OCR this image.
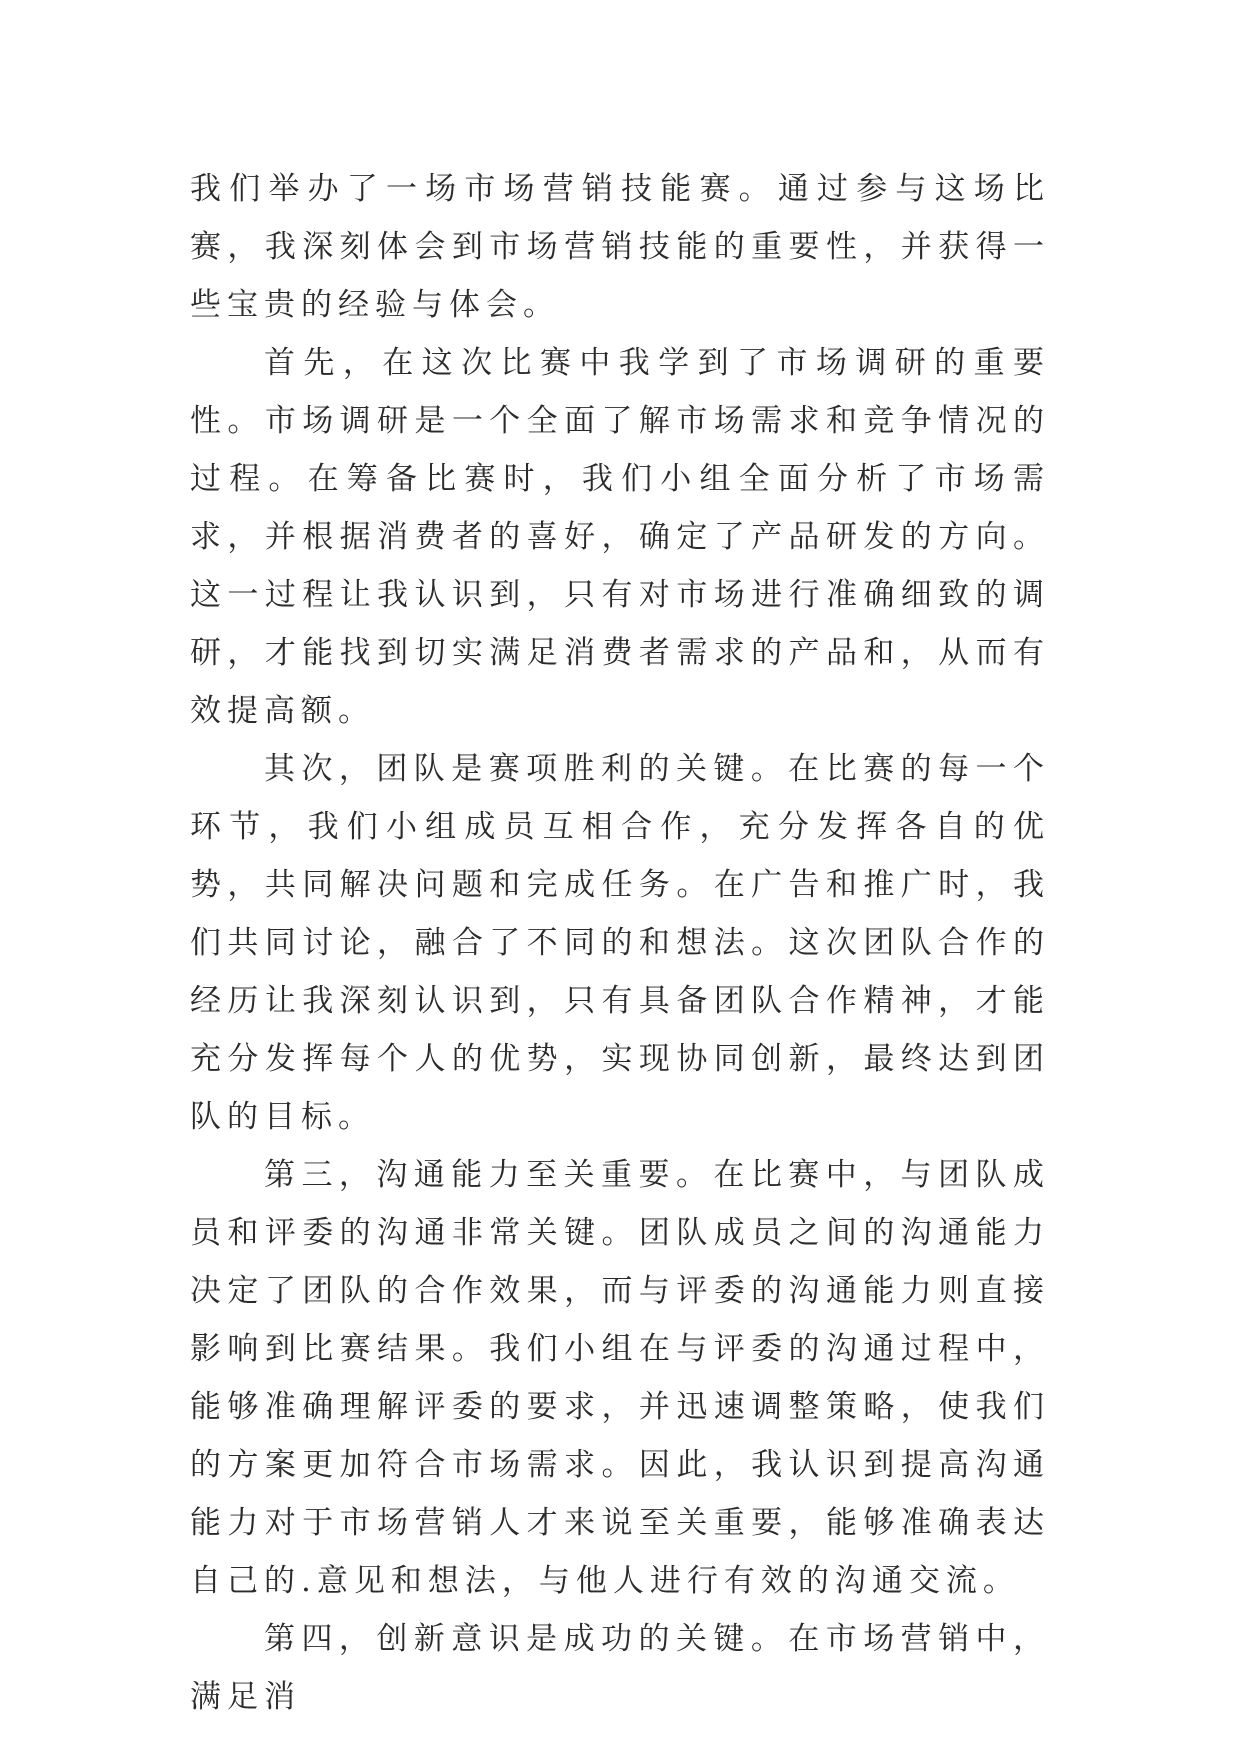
我们举办了一场市场营销技能赛。通过参与这场比赛，我深刻体会到市场营销技能的重要性，并获得一些宝贵的经验与体会。

首先，在这次比赛中我学到了市场调研的重要性。市场调研是一个全面了解市场需求和竞争情况的过程。在筹备比赛时，我们小组全面分析了市场需求，并根据消费者的喜好，确定了产品研发的方向。这一过程让我认识到，只有对市场进行准确细致的调研，才能找到切实满足消费者需求的产品和，从而有效提高额。

其次，团队是赛项胜利的关键。在比赛的每一个环节，我们小组成员互相合作，充分发挥各自的优势，共同解决问题和完成任务。在广告和推广时，我们共同讨论，融合了不同的和想法。这次团队合作的经历让我深刻认识到，只有具备团队合作精神，才能充分发挥每个人的优势，实现协同创新，最终达到团队的目标。

第三，沟通能力至关重要。在比赛中，与团队成员和评委的沟通非常关键。团队成员之间的沟通能力决定了团队的合作效果，而与评委的沟通能力则直接影响到比赛结果。我们小组在与评委的沟通过程中，能够准确理解评委的要求，并迅速调整策略，使我们的方案更加符合市场需求。因此，我认识到提高沟通能力对于市场营销人才来说至关重要，能够准确表达自己的.意见和想法，与他人进行有效的沟通交流。

第四，创新意识是成功的关键。在市场营销中，满足消
